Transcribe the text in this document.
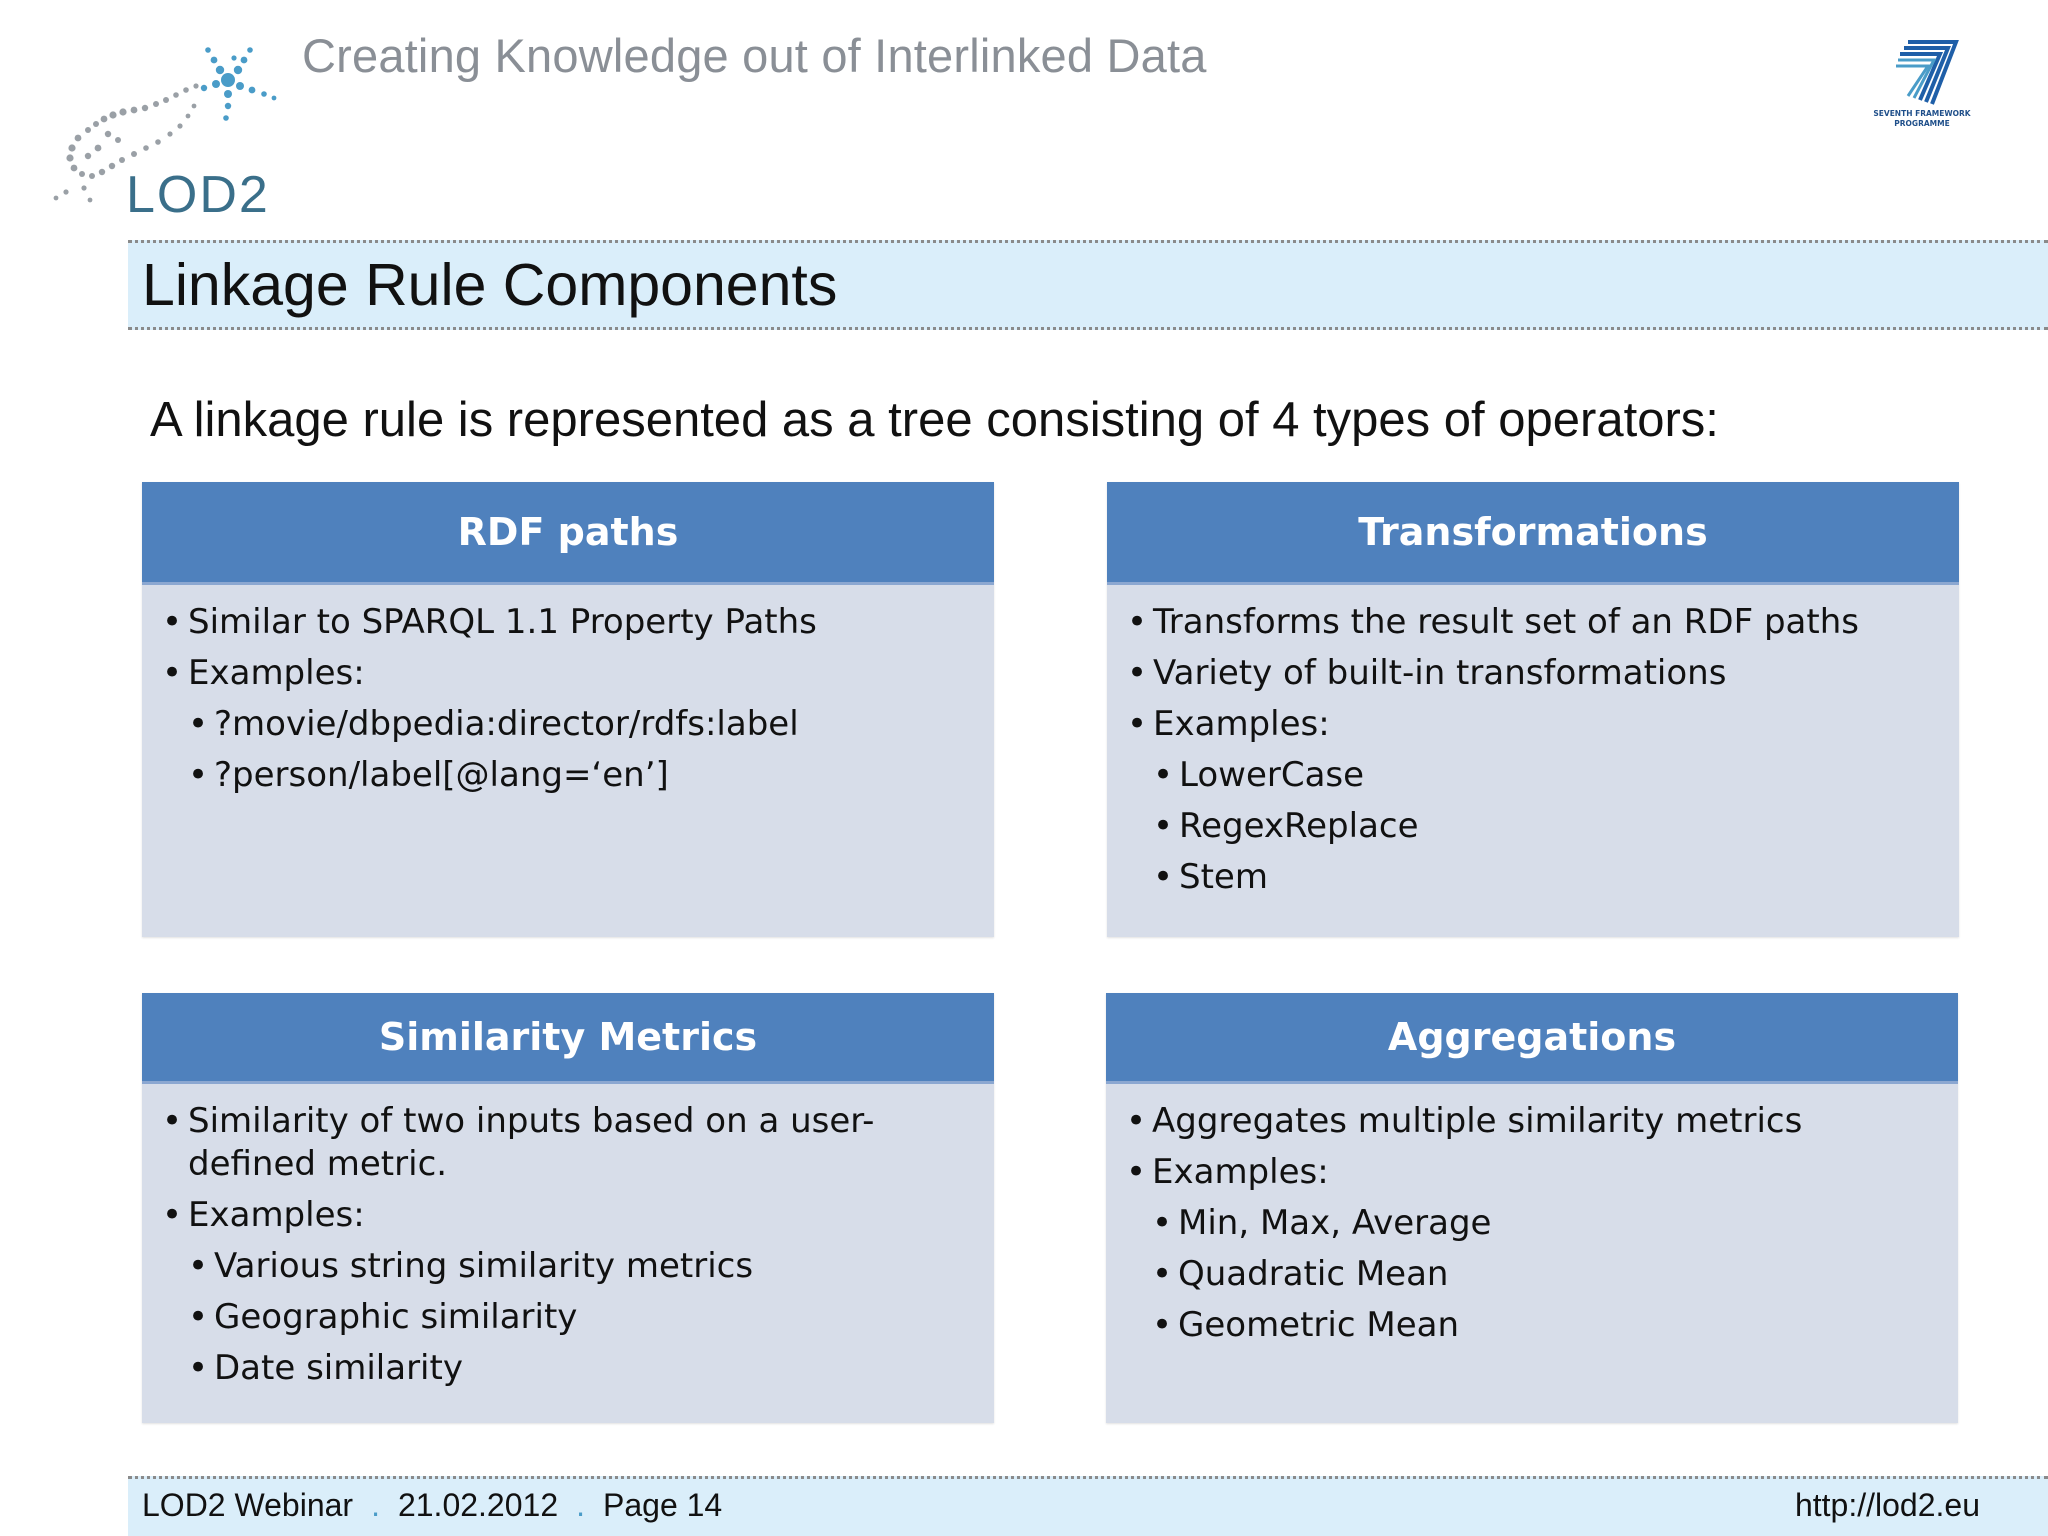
LOD2
Creating Knowledge out of Interlinked Data
SEVENTH FRAMEWORK
PROGRAMME
Linkage Rule Components
A linkage rule is represented as a tree consisting of 4 types of operators:
RDF paths
• Similar to SPARQL 1.1 Property Paths
• Examples:
• ?movie/dbpedia:director/rdfs:label
• ?person/label[@lang=‘en’]
Transformations
• Transforms the result set of an RDF paths
• Variety of built-in transformations
• Examples:
• LowerCase
• RegexReplace
• Stem
Similarity Metrics
• Similarity of two inputs based on a user-defined metric.
• Examples:
• Various string similarity metrics
• Geographic similarity
• Date similarity
Aggregations
• Aggregates multiple similarity metrics
• Examples:
• Min, Max, Average
• Quadratic Mean
• Geometric Mean
LOD2 Webinar . 21.02.2012 . Page 14	http://lod2.eu
